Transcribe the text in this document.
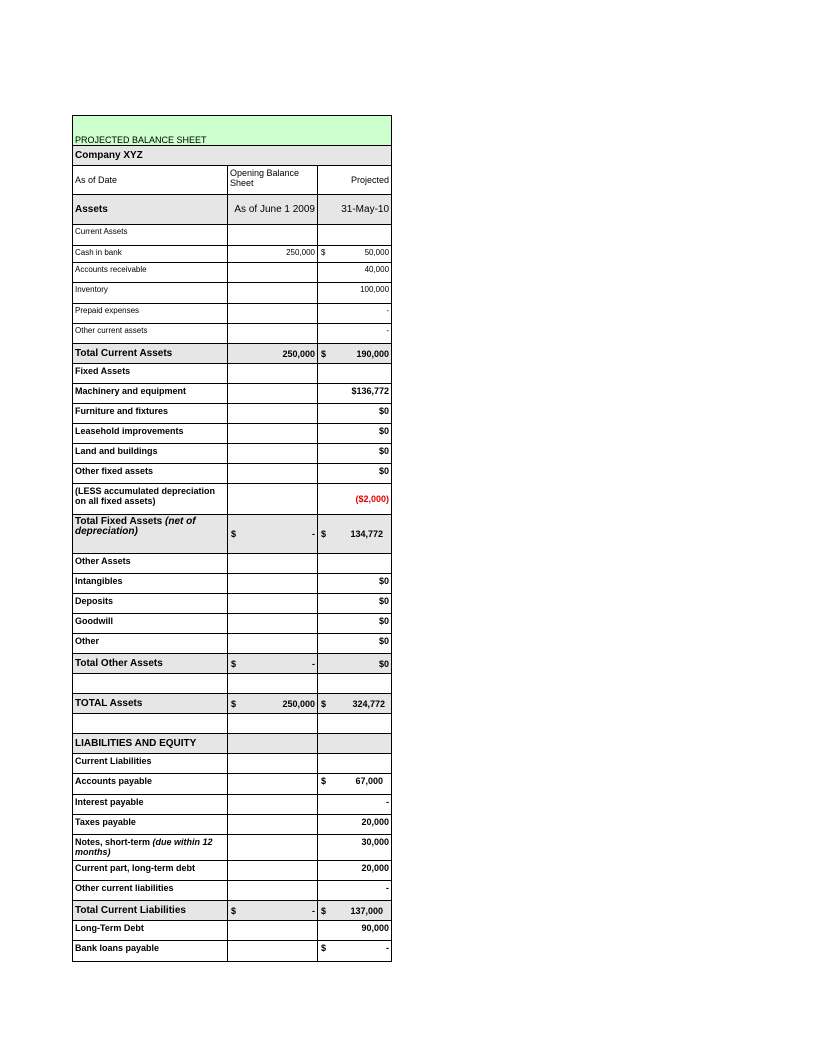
PROJECTED BALANCE SHEET		
Company XYZ		
As of Date	Opening Balance Sheet	Projected
Assets	As of June 1 2009	31-May-10
Current Assets		
Cash in bank	250,000	$ 50,000

Accounts receivable		40,000
Inventory		100,000
Prepaid expenses		-
Other current assets		-
Total Current Assets	250,000	$ 190,000

Fixed Assets		
Machinery and equipment		$136,772
Furniture and fixtures		$0
Leasehold improvements		$0
Land and buildings		$0
Other fixed assets		$0
(LESS accumulated depreciation on all fixed assets)		($2,000)
Total Fixed Assets (net of depreciation)	$ -	$ 134,772

Other Assets		
Intangibles		$0
Deposits		$0
Goodwill		$0
Other		$0
Total Other Assets	$ -	$0

TOTAL Assets	$ 250,000	$ 324,772

LIABILITIES AND EQUITY		
Current Liabilities		
Accounts payable		$ 67,000

Interest payable		-
Taxes payable		20,000
Notes, short-term (due within 12 months)		30,000
Current part, long-term debt		20,000
Other current liabilities		-
Total Current Liabilities	$ -	$ 137,000

Long-Term Debt		90,000
Bank loans payable		$ -
